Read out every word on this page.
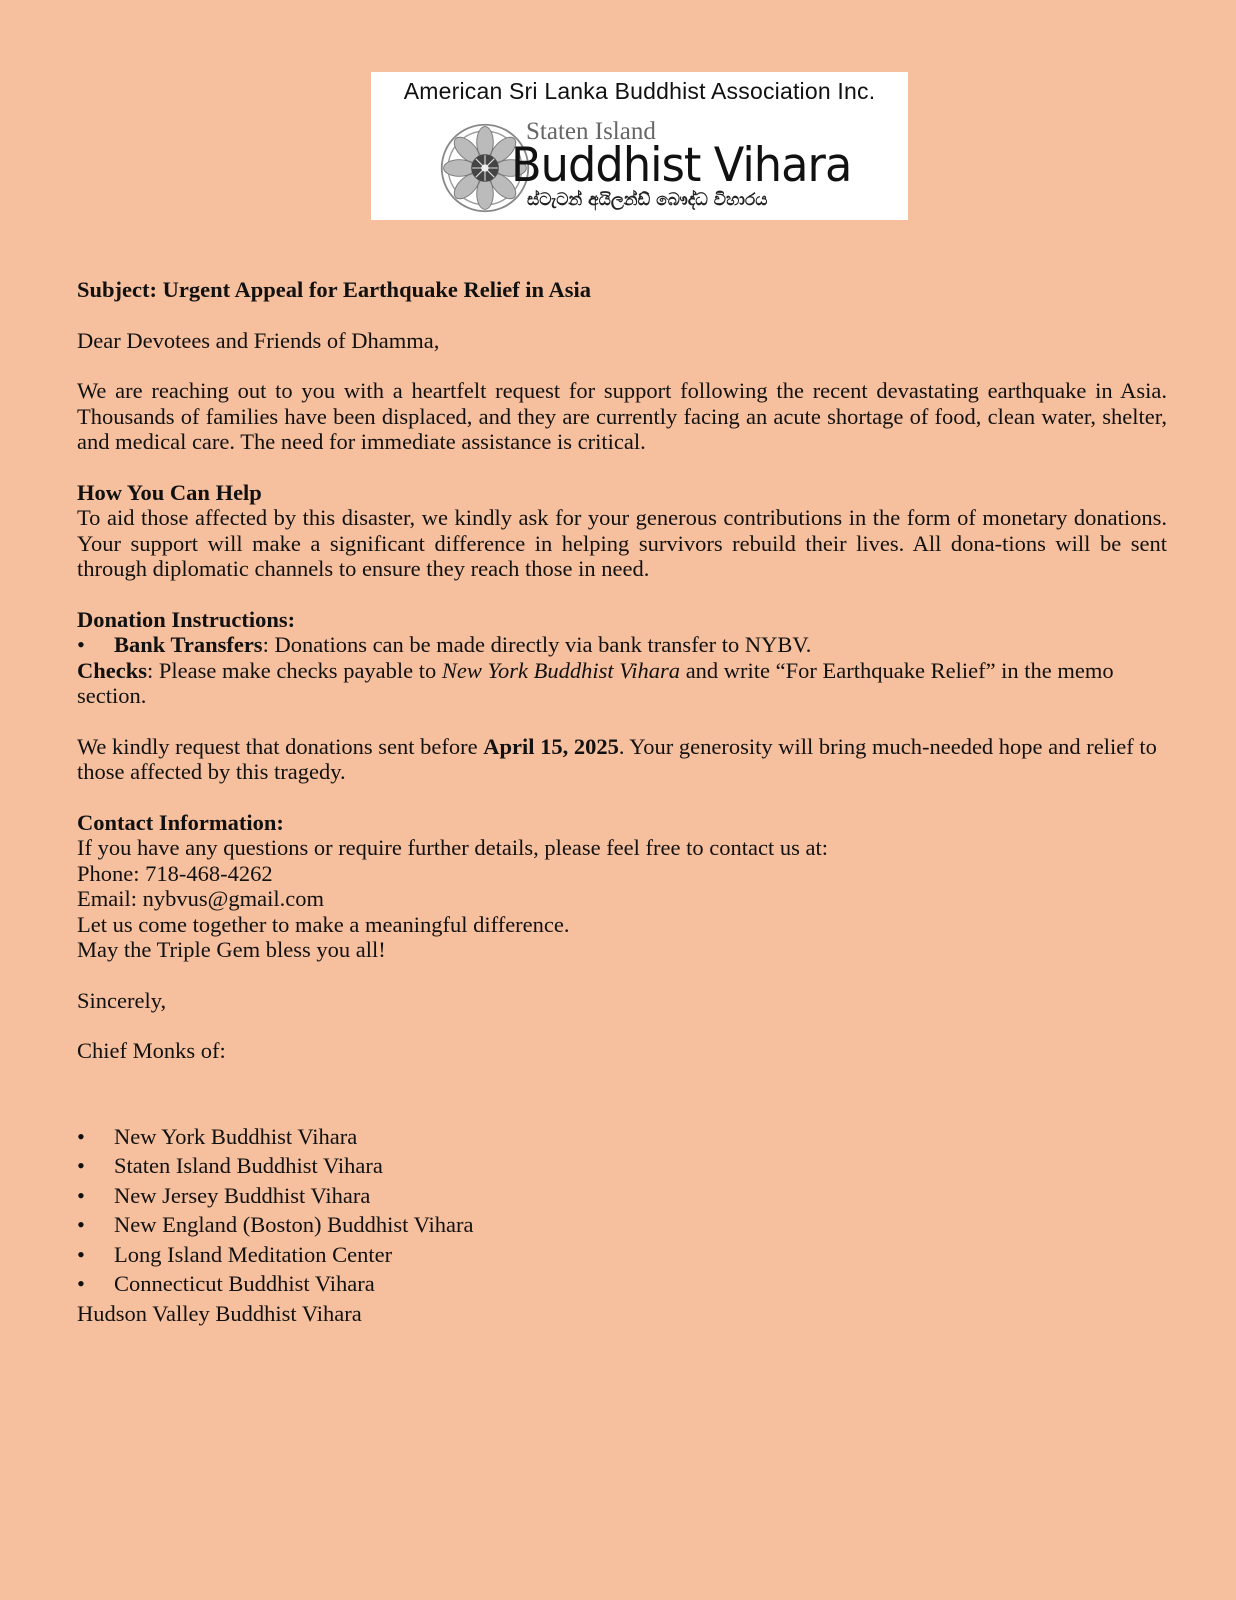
American Sri Lanka Buddhist Association Inc.
Staten Island
Buddhist Vihara
ස්ටැටන් අයිලන්ඩ් බෞද්ධ විහාරය

Subject: Urgent Appeal for Earthquake Relief in Asia

Dear Devotees and Friends of Dhamma,

We are reaching out to you with a heartfelt request for support following the recent devastating earthquake in Asia. Thousands of families have been displaced, and they are currently facing an acute shortage of food, clean water, shelter, and medical care. The need for immediate assistance is critical.

How You Can Help

To aid those affected by this disaster, we kindly ask for your generous contributions in the form of monetary donations. Your support will make a significant difference in helping survivors rebuild their lives. All dona-tions will be sent through diplomatic channels to ensure they reach those in need.

Donation Instructions:

•	Bank Transfers: Donations can be made directly via bank transfer to NYBV.

Checks: Please make checks payable to New York Buddhist Vihara and write “For Earthquake Relief” in the memo section.

We kindly request that donations sent before April 15, 2025. Your generosity will bring much-needed hope and relief to those affected by this tragedy.

Contact Information:

If you have any questions or require further details, please feel free to contact us at:

Phone: 718-468-4262

Email: nybvus@gmail.com

Let us come together to make a meaningful difference.

May the Triple Gem bless you all!

Sincerely,

Chief Monks of:

•	New York Buddhist Vihara
•	Staten Island Buddhist Vihara
•	New Jersey Buddhist Vihara
•	New England (Boston) Buddhist Vihara
•	Long Island Meditation Center
•	Connecticut Buddhist Vihara

Hudson Valley Buddhist Vihara
